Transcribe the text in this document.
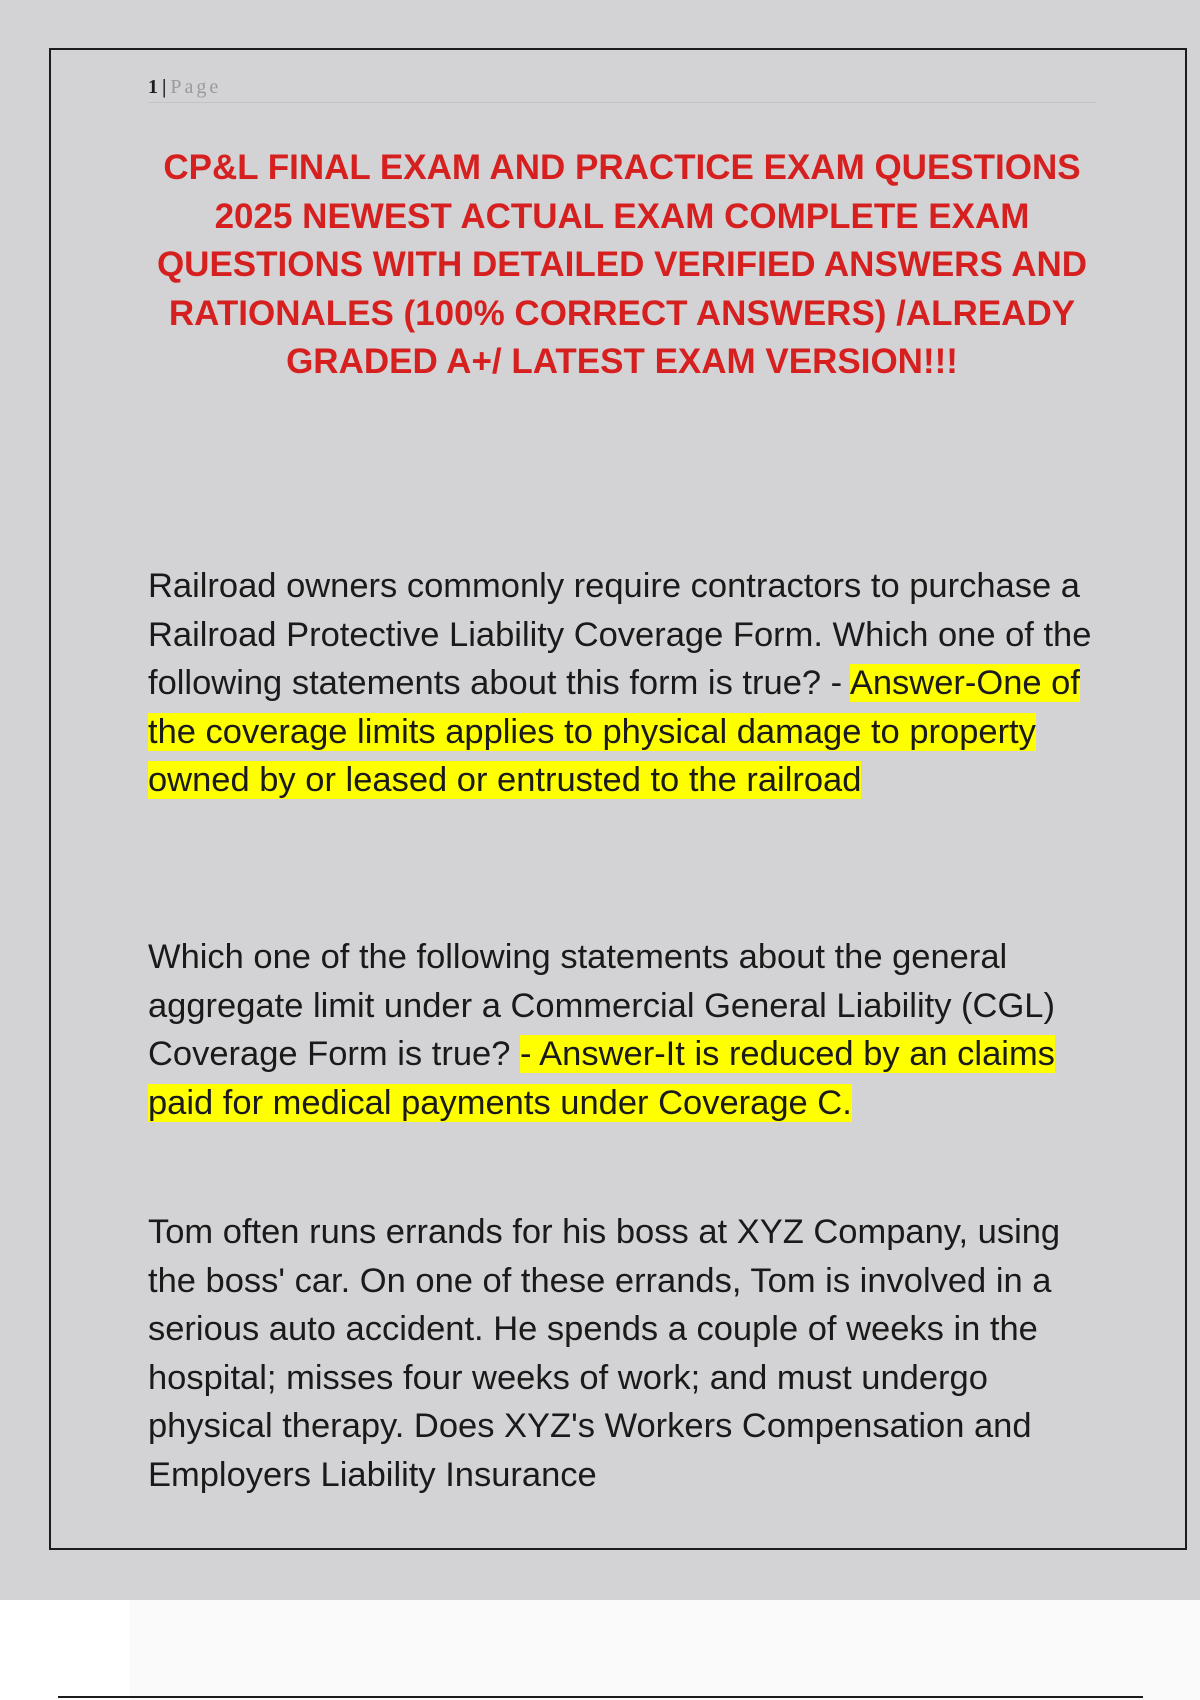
1 | Page
CP&L FINAL EXAM AND PRACTICE EXAM QUESTIONS 2025 NEWEST ACTUAL EXAM COMPLETE EXAM QUESTIONS WITH DETAILED VERIFIED ANSWERS AND RATIONALES (100% CORRECT ANSWERS) /ALREADY GRADED A+/ LATEST EXAM VERSION!!!

Railroad owners commonly require contractors to purchase a Railroad Protective Liability Coverage Form. Which one of the following statements about this form is true? - Answer-One of the coverage limits applies to physical damage to property owned by or leased or entrusted to the railroad

Which one of the following statements about the general aggregate limit under a Commercial General Liability (CGL) Coverage Form is true? - Answer-It is reduced by an claims paid for medical payments under Coverage C.

Tom often runs errands for his boss at XYZ Company, using the boss' car. On one of these errands, Tom is involved in a serious auto accident. He spends a couple of weeks in the hospital; misses four weeks of work; and must undergo physical therapy. Does XYZ's Workers Compensation and Employers Liability Insurance
